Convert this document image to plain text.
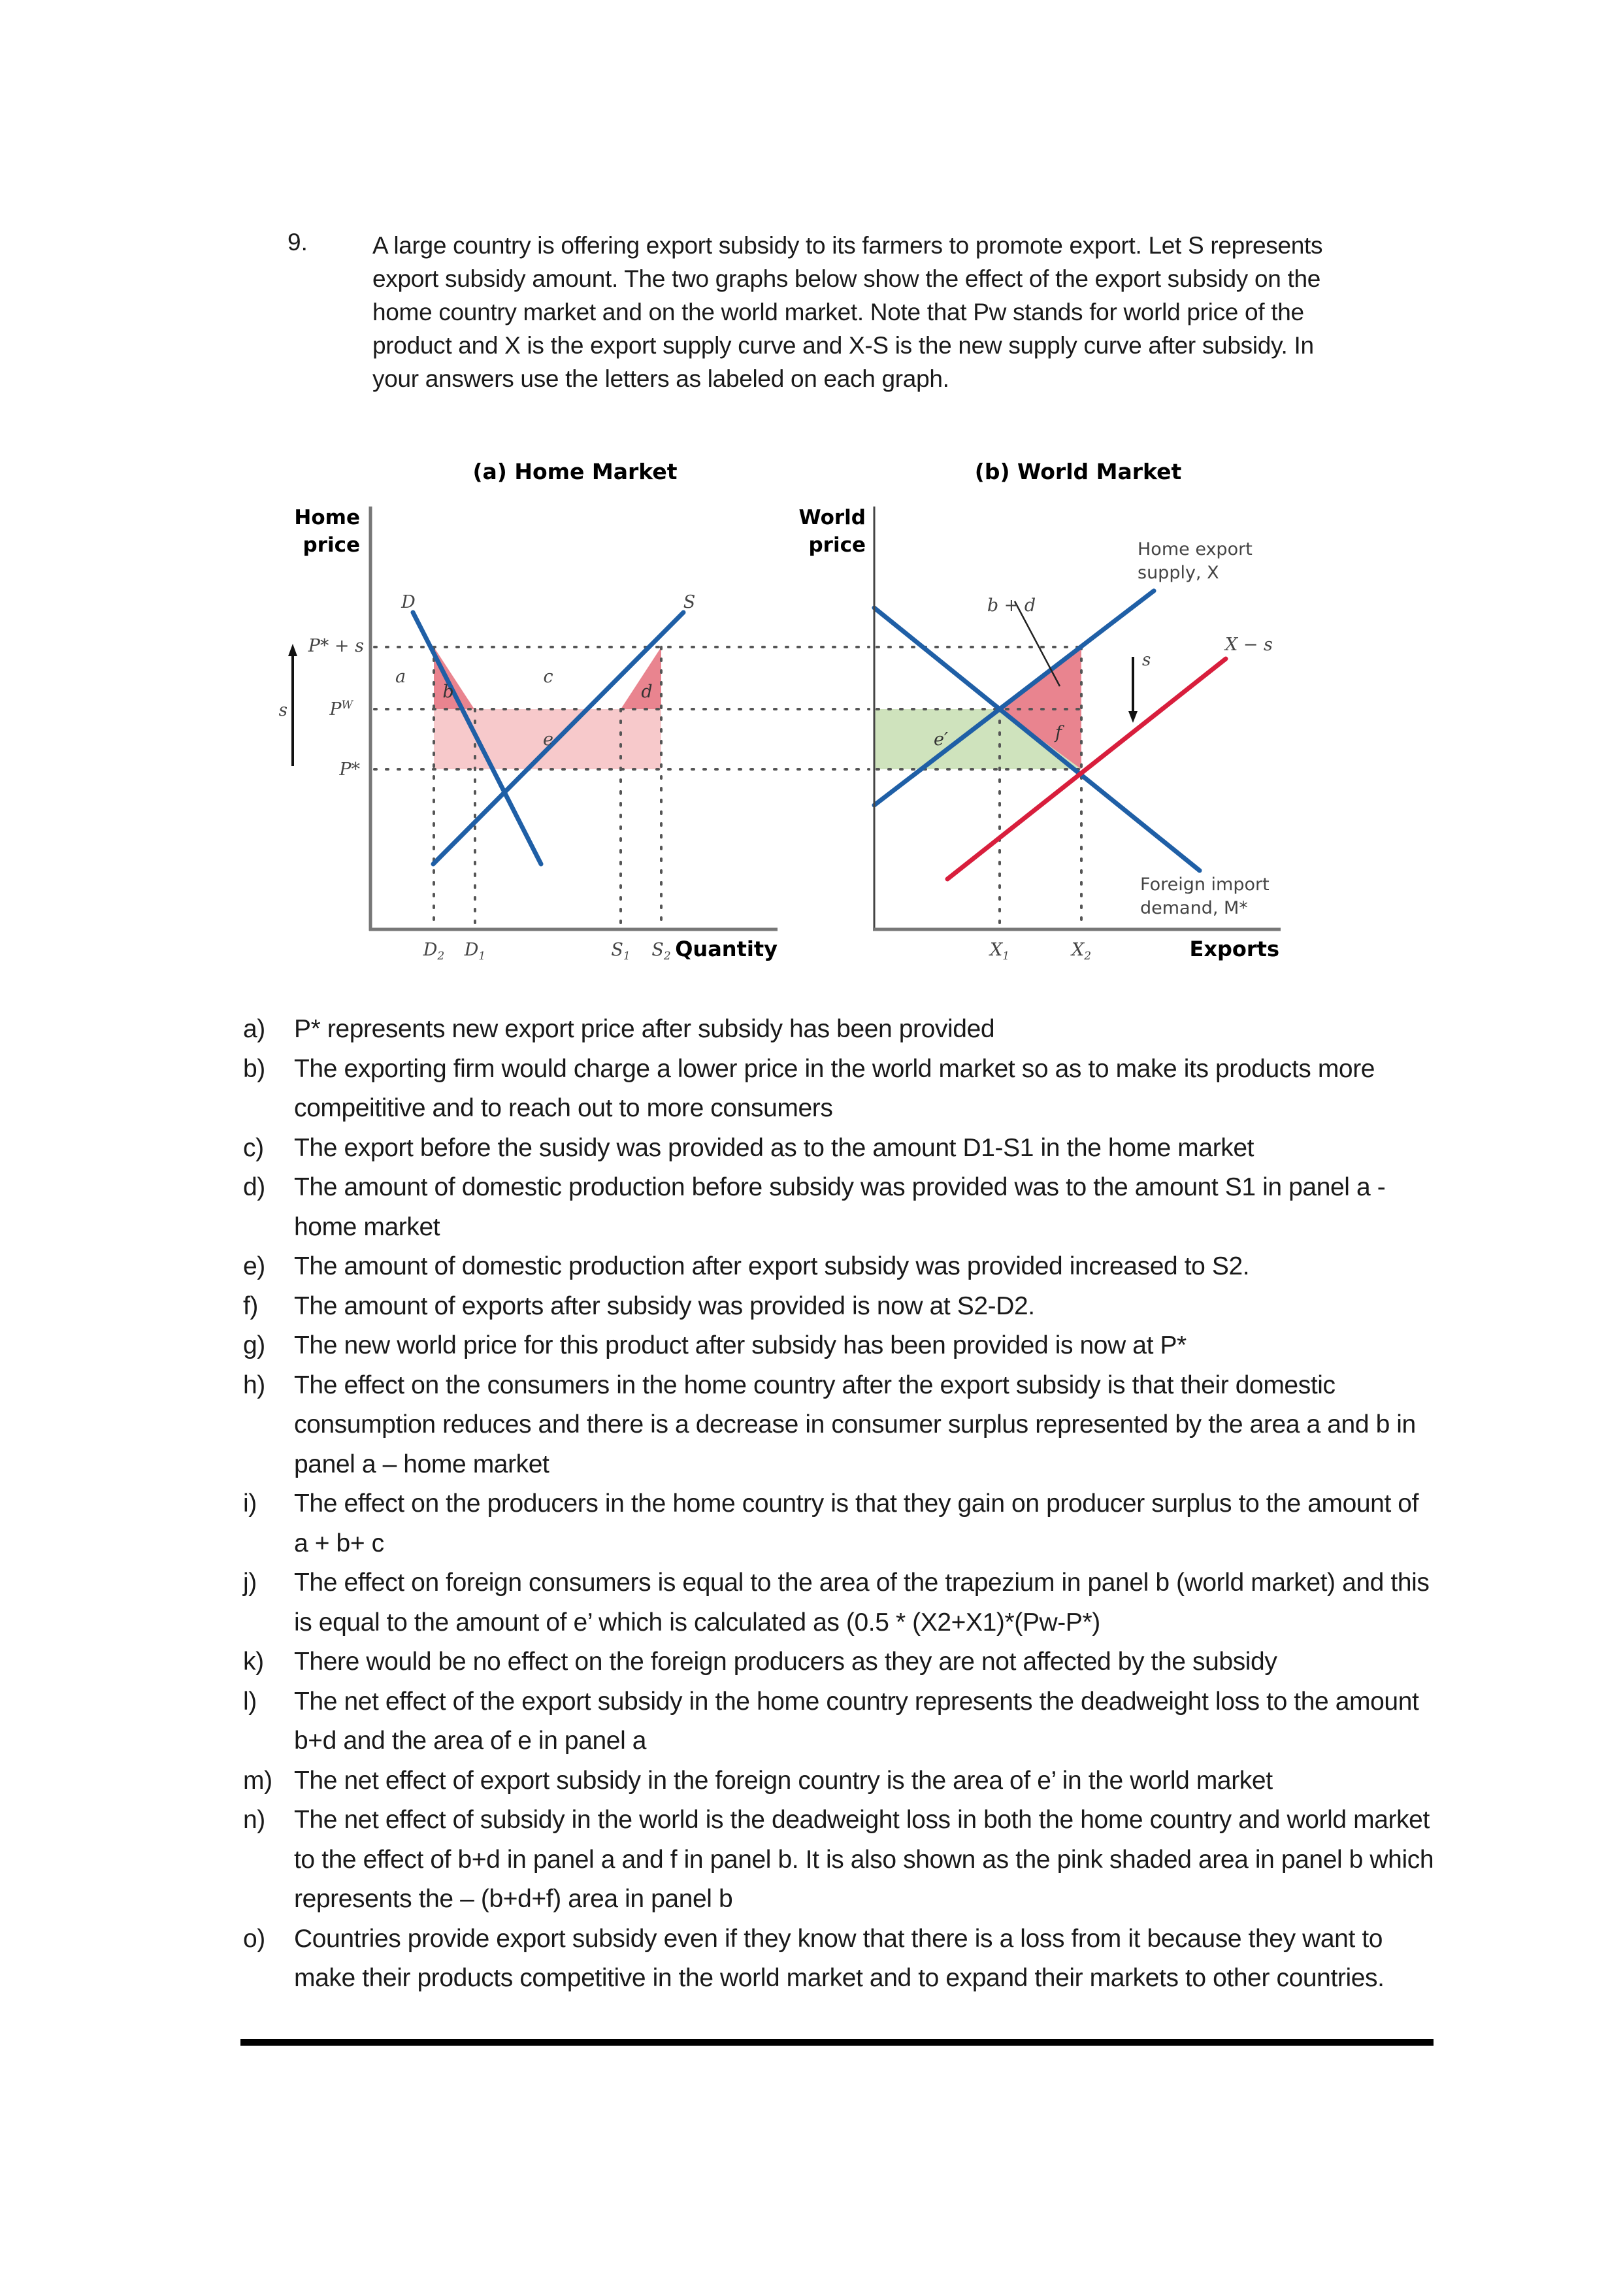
9.	A large country is offering export subsidy to its farmers to promote export. Let S represents export subsidy amount. The two graphs below show the effect of the export subsidy on the home country market and on the world market. Note that Pw stands for world price of the product and X is the export supply curve and X-S is the new supply curve after subsidy. In your answers use the letters as labeled on each graph.
(a) Home Market
Home
price
P* + s
$P^W$
P*
s
D	S
a
b
c
d
e
$D_2$ $D_1$	$S_1$ $S_2$ Quantity
(b) World Market
World
price
b + d
s
Home export
supply, X
X − s
Foreign import
demand, M*
e′	f
$X_1$	$X_2$	Exports
a)	P* represents new export price after subsidy has been provided
b)	The exporting firm would charge a lower price in the world market so as to make its products more compeititive and to reach out to more consumers
c)	The export before the susidy was provided as to the amount D1-S1 in the home market
d)	The amount of domestic production before subsidy was provided was to the amount S1 in panel a -home market
e)	The amount of domestic production after export subsidy was provided increased to S2.
f)	The amount of exports after subsidy was provided is now at S2-D2.
g)	The new world price for this product after subsidy has been provided is now at P*
h)	The effect on the consumers in the home country after the export subsidy is that their domestic consumption reduces and there is a decrease in consumer surplus represented by the area a and b in panel a – home market
i)	The effect on the producers in the home country is that they gain on producer surplus to the amount of a + b+ c
j)	The effect on foreign consumers is equal to the area of the trapezium in panel b (world market) and this is equal to the amount of e’ which is calculated as (0.5 * (X2+X1)*(Pw-P*)
k)	There would be no effect on the foreign producers as they are not affected by the subsidy
l)	The net effect of the export subsidy in the home country represents the deadweight loss to the amount b+d and the area of e in panel a
m) The net effect of export subsidy in the foreign country is the area of e’ in the world market
n)	The net effect of subsidy in the world is the deadweight loss in both the home country and world market to the effect of b+d in panel a and f in panel b. It is also shown as the pink shaded area in panel b which represents the – (b+d+f) area in panel b
o)	Countries provide export subsidy even if they know that there is a loss from it because they want to make their products competitive in the world market and to expand their markets to other countries.
